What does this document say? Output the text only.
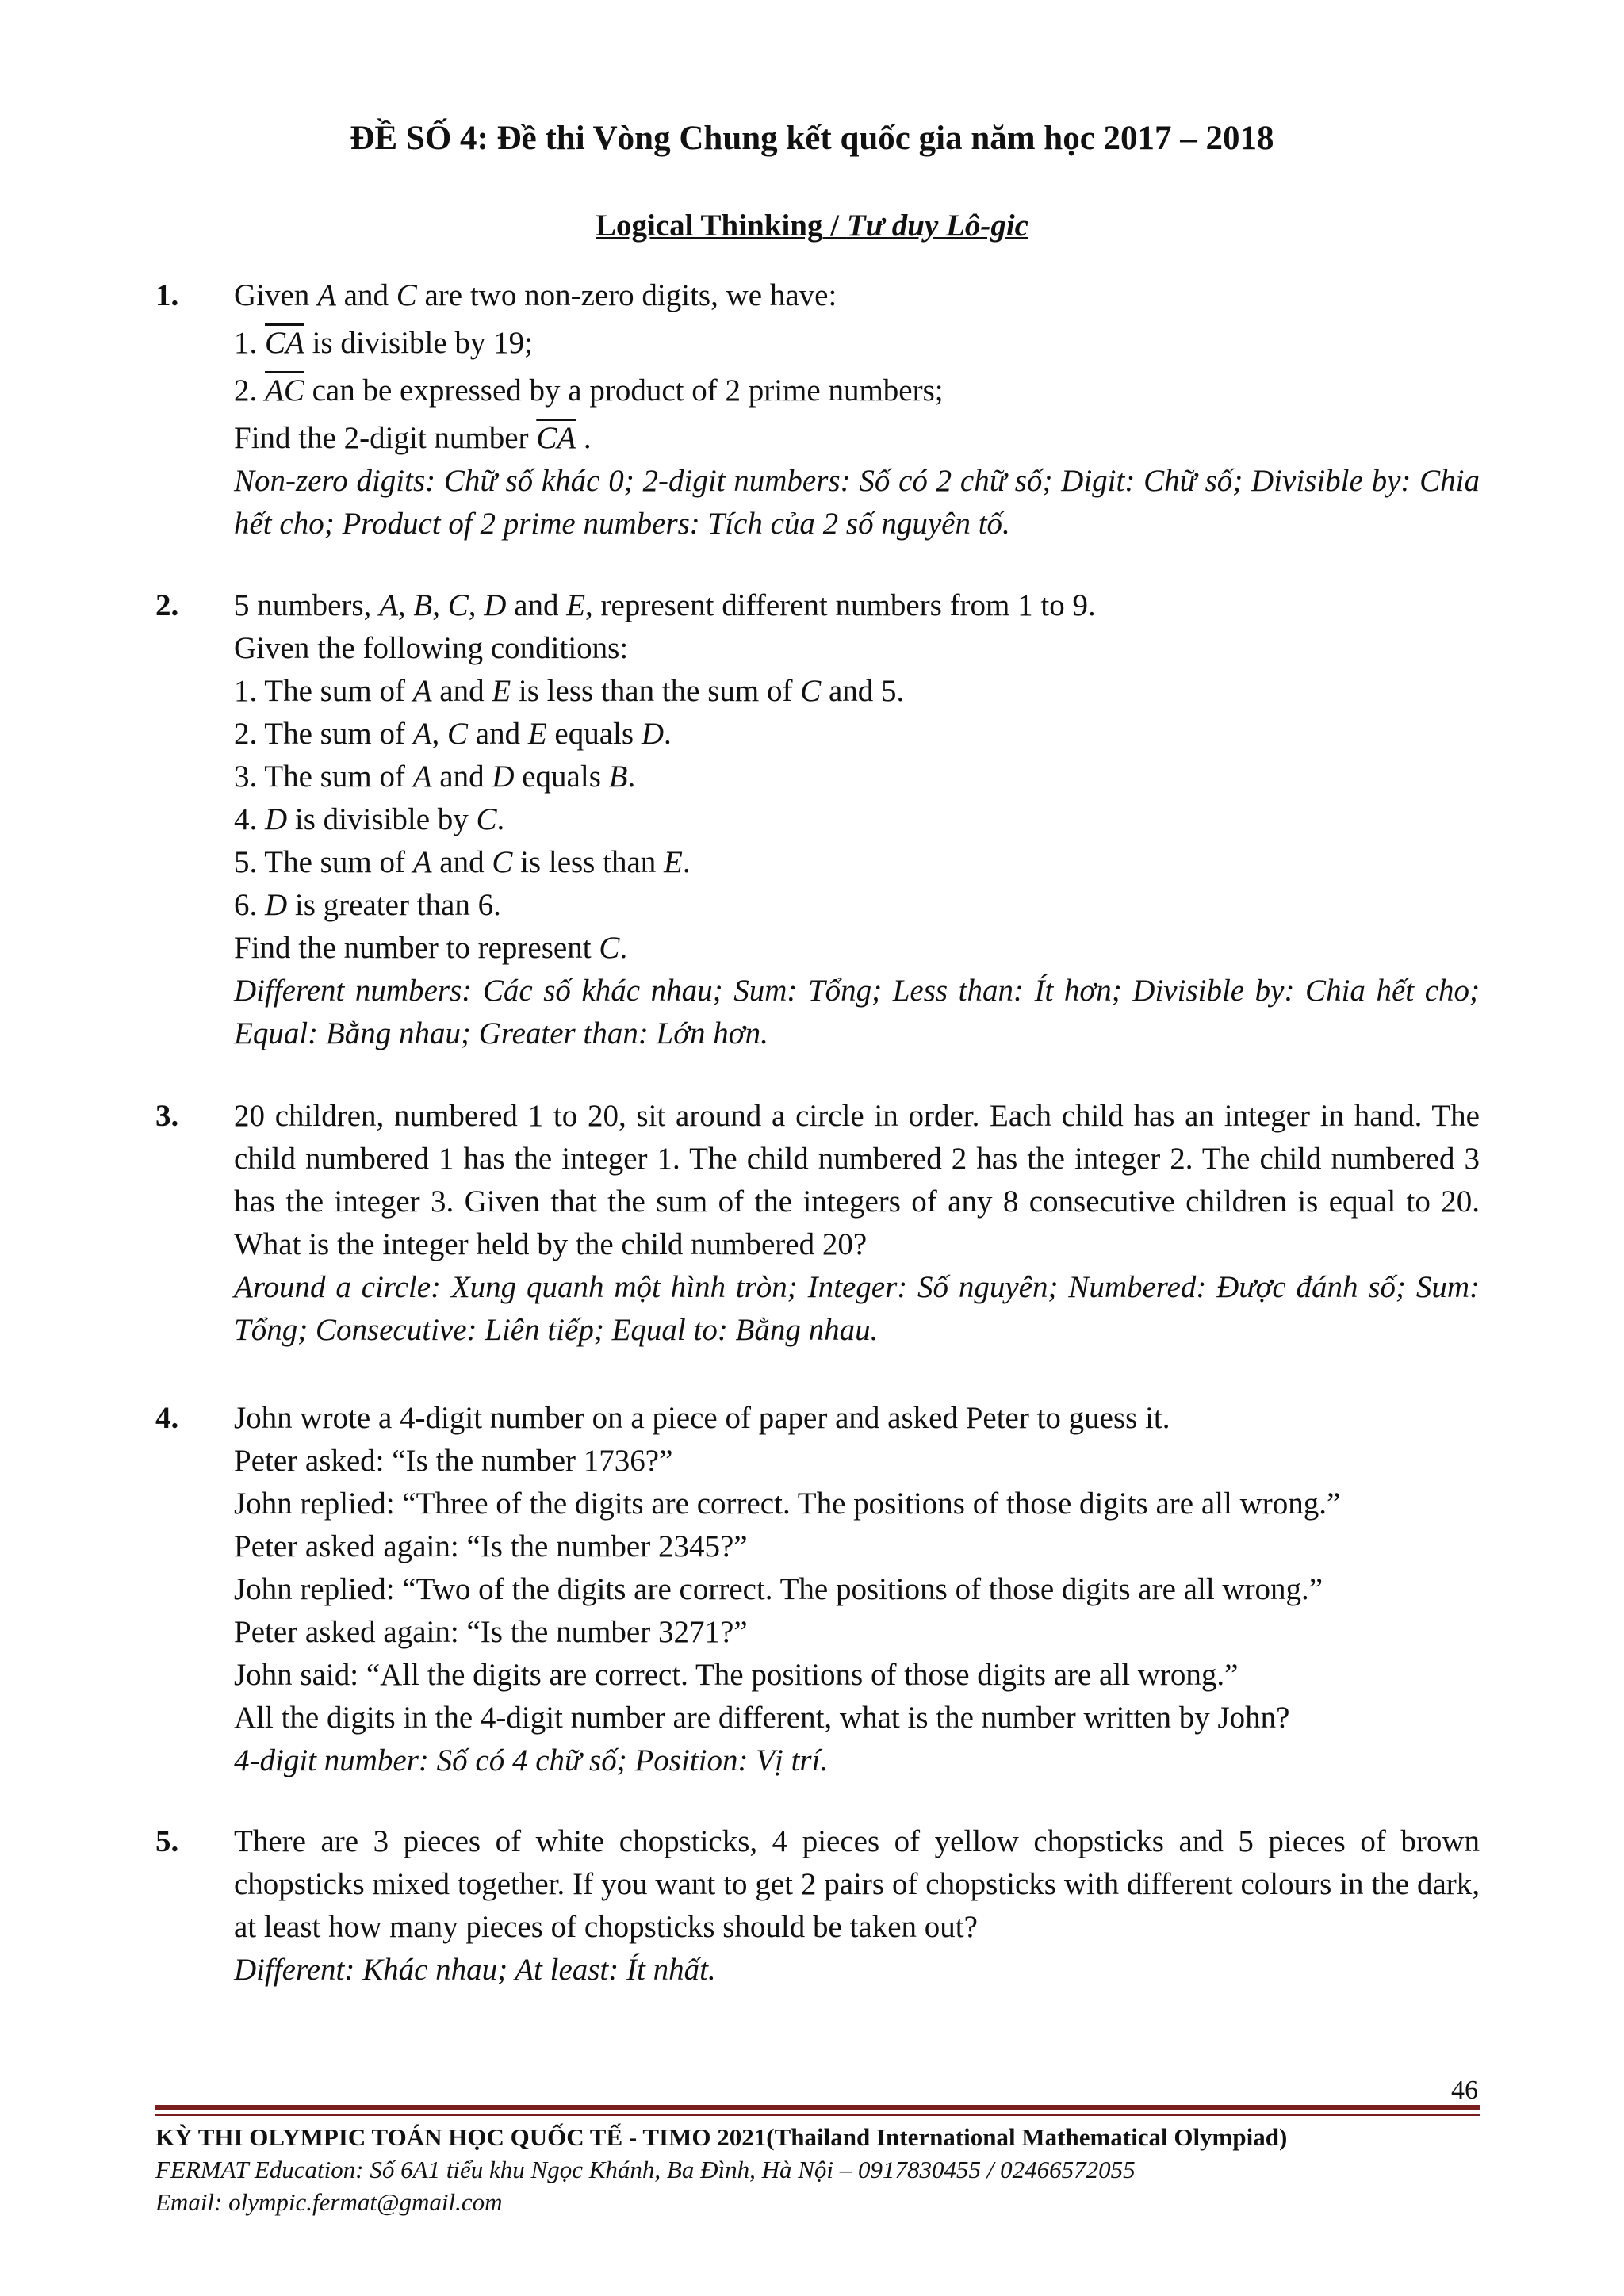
ĐỀ SỐ 4: Đề thi Vòng Chung kết quốc gia năm học 2017 – 2018
Logical Thinking / Tư duy Lô-gic
1. Given A and C are two non-zero digits, we have:

1. $\overline{CA}$ is divisible by 19;

2. $\overline{AC}$ can be expressed by a product of 2 prime numbers;

Find the 2-digit number $\overline{CA}$ .

Non-zero digits: Chữ số khác 0; 2-digit numbers: Số có 2 chữ số; Digit: Chữ số; Divisible by: Chia hết cho; Product of 2 prime numbers: Tích của 2 số nguyên tố.

2. 5 numbers, A, B, C, D and E, represent different numbers from 1 to 9.

Given the following conditions:

1. The sum of A and E is less than the sum of C and 5.

2. The sum of A, C and E equals D.

3. The sum of A and D equals B.

4. D is divisible by C.

5. The sum of A and C is less than E.

6. D is greater than 6.

Find the number to represent C.

Different numbers: Các số khác nhau; Sum: Tổng; Less than: Ít hơn; Divisible by: Chia hết cho; Equal: Bằng nhau; Greater than: Lớn hơn.

3. 20 children, numbered 1 to 20, sit around a circle in order. Each child has an integer in hand. The child numbered 1 has the integer 1. The child numbered 2 has the integer 2. The child numbered 3 has the integer 3. Given that the sum of the integers of any 8 consecutive children is equal to 20. What is the integer held by the child numbered 20?

Around a circle: Xung quanh một hình tròn; Integer: Số nguyên; Numbered: Được đánh số; Sum: Tổng; Consecutive: Liên tiếp; Equal to: Bằng nhau.

4. John wrote a 4-digit number on a piece of paper and asked Peter to guess it.

Peter asked: “Is the number 1736?”

John replied: “Three of the digits are correct. The positions of those digits are all wrong.”

Peter asked again: “Is the number 2345?”

John replied: “Two of the digits are correct. The positions of those digits are all wrong.”

Peter asked again: “Is the number 3271?”

John said: “All the digits are correct. The positions of those digits are all wrong.”

All the digits in the 4-digit number are different, what is the number written by John?

4-digit number: Số có 4 chữ số; Position: Vị trí.

5. There are 3 pieces of white chopsticks, 4 pieces of yellow chopsticks and 5 pieces of brown chopsticks mixed together. If you want to get 2 pairs of chopsticks with different colours in the dark, at least how many pieces of chopsticks should be taken out?

Different: Khác nhau; At least: Ít nhất.

46
KỲ THI OLYMPIC TOÁN HỌC QUỐC TẾ - TIMO 2021(Thailand International Mathematical Olympiad)
FERMAT Education: Số 6A1 tiểu khu Ngọc Khánh, Ba Đình, Hà Nội – 0917830455 / 02466572055
Email: olympic.fermat@gmail.com
